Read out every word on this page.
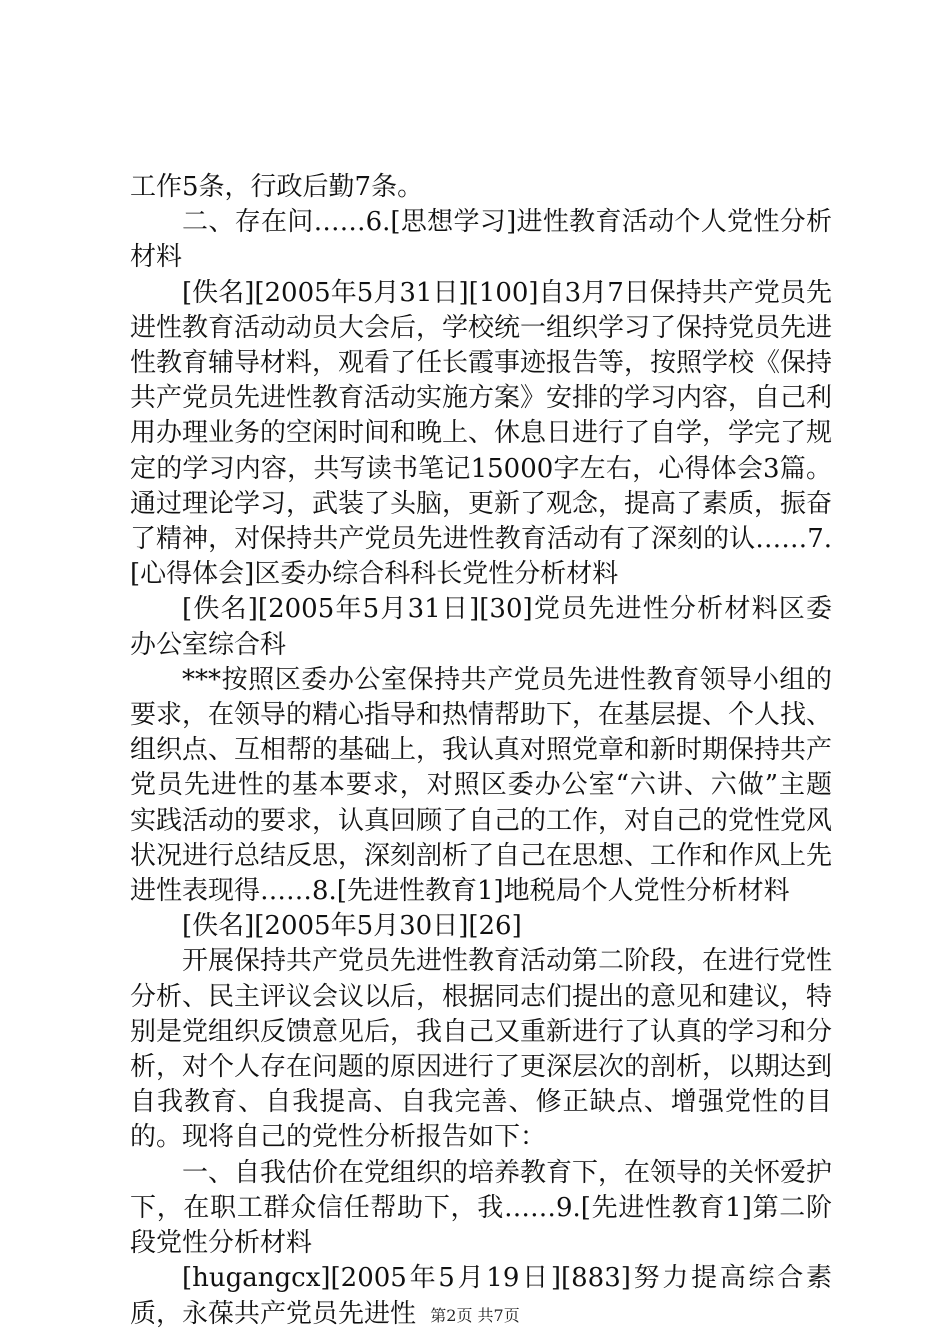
工作5条，行政后勤7条。

二、存在问……6.[思想学习]进性教育活动个人党性分析材料

[佚名][2005年5月31日][100]自3月7日保持共产党员先进性教育活动动员大会后，学校统一组织学习了保持党员先进性教育辅导材料，观看了任长霞事迹报告等，按照学校《保持共产党员先进性教育活动实施方案》安排的学习内容，自己利用办理业务的空闲时间和晚上、休息日进行了自学，学完了规定的学习内容，共写读书笔记15000字左右，心得体会3篇。通过理论学习，武装了头脑，更新了观念，提高了素质，振奋了精神，对保持共产党员先进性教育活动有了深刻的认……7.[心得体会]区委办综合科科长党性分析材料

[佚名][2005年5月31日][30]党员先进性分析材料区委办公室综合科

***按照区委办公室保持共产党员先进性教育领导小组的要求，在领导的精心指导和热情帮助下，在基层提、个人找、组织点、互相帮的基础上，我认真对照党章和新时期保持共产党员先进性的基本要求，对照区委办公室“六讲、六做”主题实践活动的要求，认真回顾了自己的工作，对自己的党性党风状况进行总结反思，深刻剖析了自己在思想、工作和作风上先进性表现得……8.[先进性教育1]地税局个人党性分析材料

[佚名][2005年5月30日][26]

开展保持共产党员先进性教育活动第二阶段，在进行党性分析、民主评议会议以后，根据同志们提出的意见和建议，特别是党组织反馈意见后，我自己又重新进行了认真的学习和分析，对个人存在问题的原因进行了更深层次的剖析，以期达到自我教育、自我提高、自我完善、修正缺点、增强党性的目的。现将自己的党性分析报告如下：

一、自我估价在党组织的培养教育下，在领导的关怀爱护下，在职工群众信任帮助下，我……9.[先进性教育1]第二阶段党性分析材料

[hugangcx][2005年5月19日][883]努力提高综合素质，永葆共产党员先进性 第2页 共7页
